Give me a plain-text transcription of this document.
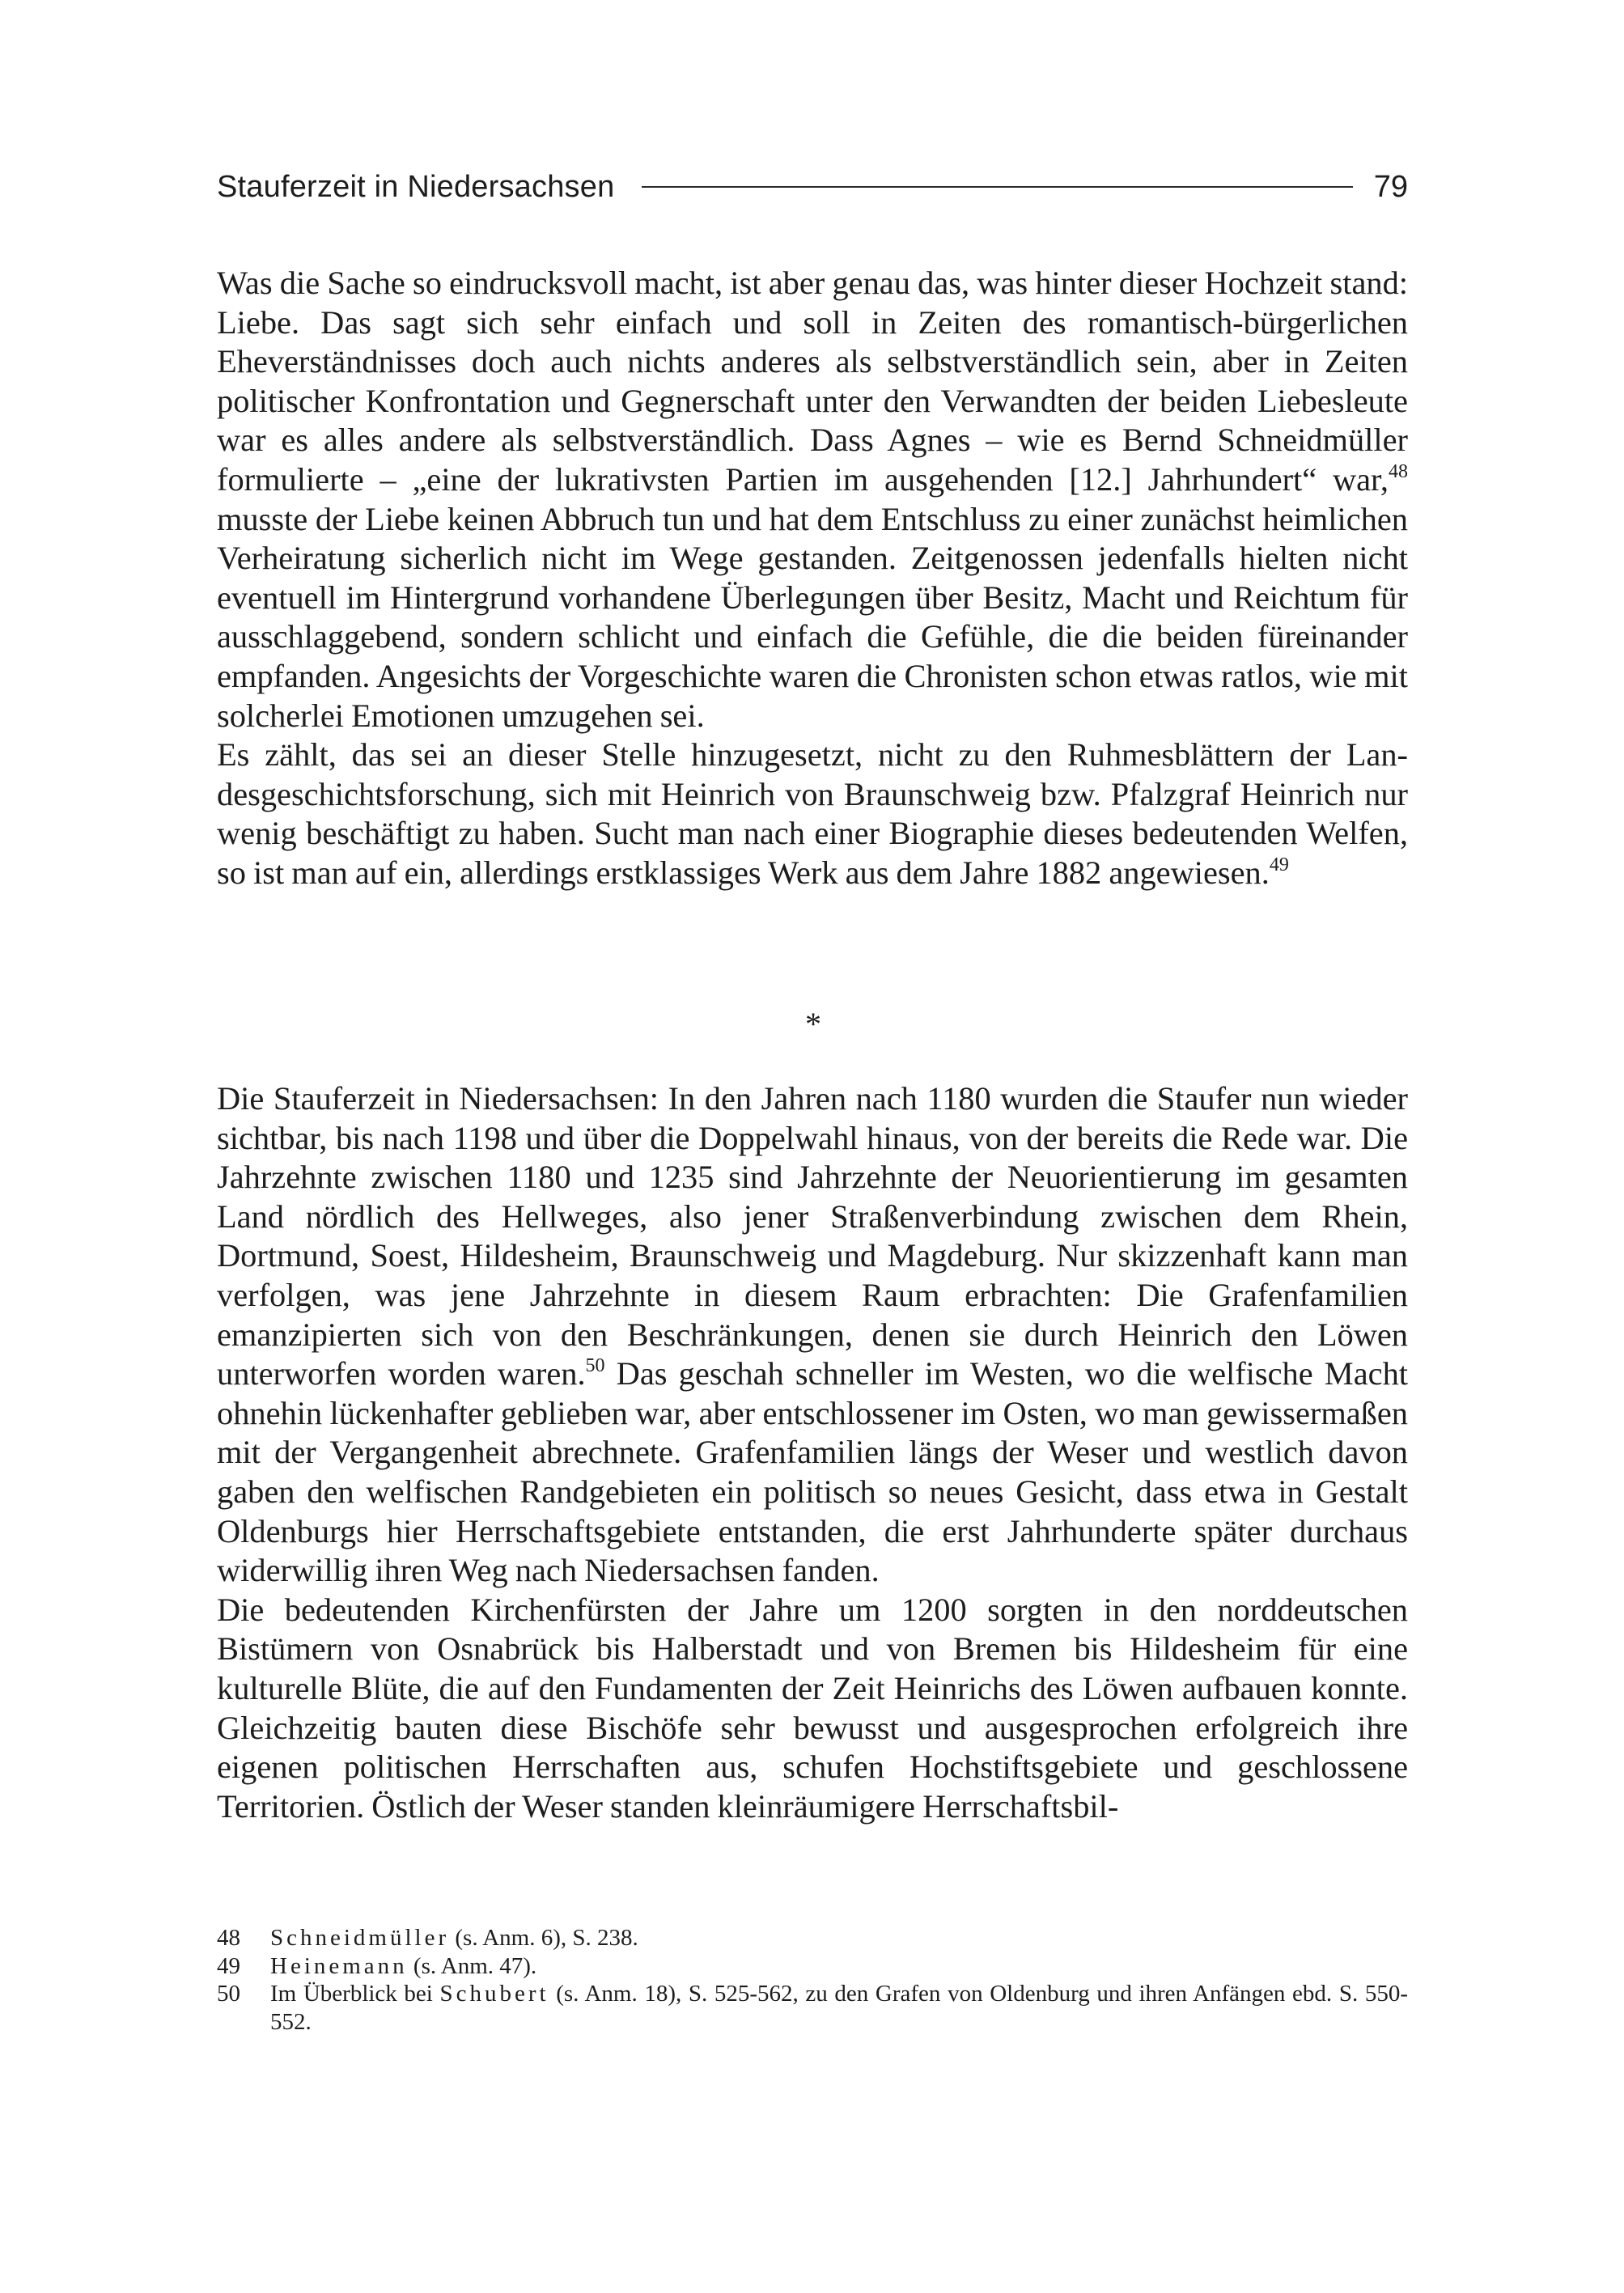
Stauferzeit in Niedersachsen	79

Was die Sache so eindrucksvoll macht, ist aber genau das, was hinter dieser Hochzeit stand: Liebe. Das sagt sich sehr einfach und soll in Zeiten des romantisch-bürgerlichen Eheverständnisses doch auch nichts anderes als selbstverständlich sein, aber in Zeiten politischer Konfrontation und Gegnerschaft unter den Verwandten der beiden Liebesleute war es alles andere als selbstverständlich. Dass Agnes – wie es Bernd Schneidmüller formulierte – „eine der lukrativsten Partien im ausgehenden [12.] Jahrhundert“ war,$^{48}$ musste der Liebe keinen Abbruch tun und hat dem Entschluss zu einer zunächst heimlichen Verheiratung sicherlich nicht im Wege gestanden. Zeitgenossen jedenfalls hielten nicht eventuell im Hintergrund vorhandene Überlegungen über Besitz, Macht und Reichtum für ausschlaggebend, sondern schlicht und einfach die Gefühle, die die beiden füreinander empfanden. Angesichts der Vorgeschichte waren die Chronisten schon etwas ratlos, wie mit solcherlei Emotionen umzugehen sei.

Es zählt, das sei an dieser Stelle hinzugesetzt, nicht zu den Ruhmesblättern der Landesgeschichtsforschung, sich mit Heinrich von Braunschweig bzw. Pfalzgraf Heinrich nur wenig beschäftigt zu haben. Sucht man nach einer Biographie dieses bedeutenden Welfen, so ist man auf ein, allerdings erstklassiges Werk aus dem Jahre 1882 angewiesen.$^{49}$

*

Die Stauferzeit in Niedersachsen: In den Jahren nach 1180 wurden die Staufer nun wieder sichtbar, bis nach 1198 und über die Doppelwahl hinaus, von der bereits die Rede war. Die Jahrzehnte zwischen 1180 und 1235 sind Jahrzehnte der Neuorientierung im gesamten Land nördlich des Hellweges, also jener Straßenverbindung zwischen dem Rhein, Dortmund, Soest, Hildesheim, Braunschweig und Magdeburg. Nur skizzenhaft kann man verfolgen, was jene Jahrzehnte in diesem Raum erbrachten: Die Grafenfamilien emanzipierten sich von den Beschränkungen, denen sie durch Heinrich den Löwen unterworfen worden waren.$^{50}$ Das geschah schneller im Westen, wo die welfische Macht ohnehin lückenhafter geblieben war, aber entschlossener im Osten, wo man gewissermaßen mit der Vergangenheit abrechnete. Grafenfamilien längs der Weser und westlich davon gaben den welfischen Randgebieten ein politisch so neues Gesicht, dass etwa in Gestalt Oldenburgs hier Herrschaftsgebiete entstanden, die erst Jahrhunderte später durchaus widerwillig ihren Weg nach Niedersachsen fanden.

Die bedeutenden Kirchenfürsten der Jahre um 1200 sorgten in den norddeutschen Bistümern von Osnabrück bis Halberstadt und von Bremen bis Hildesheim für eine kulturelle Blüte, die auf den Fundamenten der Zeit Heinrichs des Löwen aufbauen konnte. Gleichzeitig bauten diese Bischöfe sehr bewusst und ausgesprochen erfolgreich ihre eigenen politischen Herrschaften aus, schufen Hochstiftsgebiete und geschlossene Territorien. Östlich der Weser standen kleinräumigere Herrschaftsbil-

48	Schneidmüller (s. Anm. 6), S. 238.
49	Heinemann (s. Anm. 47).
50	Im Überblick bei Schubert (s. Anm. 18), S. 525-562, zu den Grafen von Oldenburg und ihren Anfängen ebd. S. 550-552.
